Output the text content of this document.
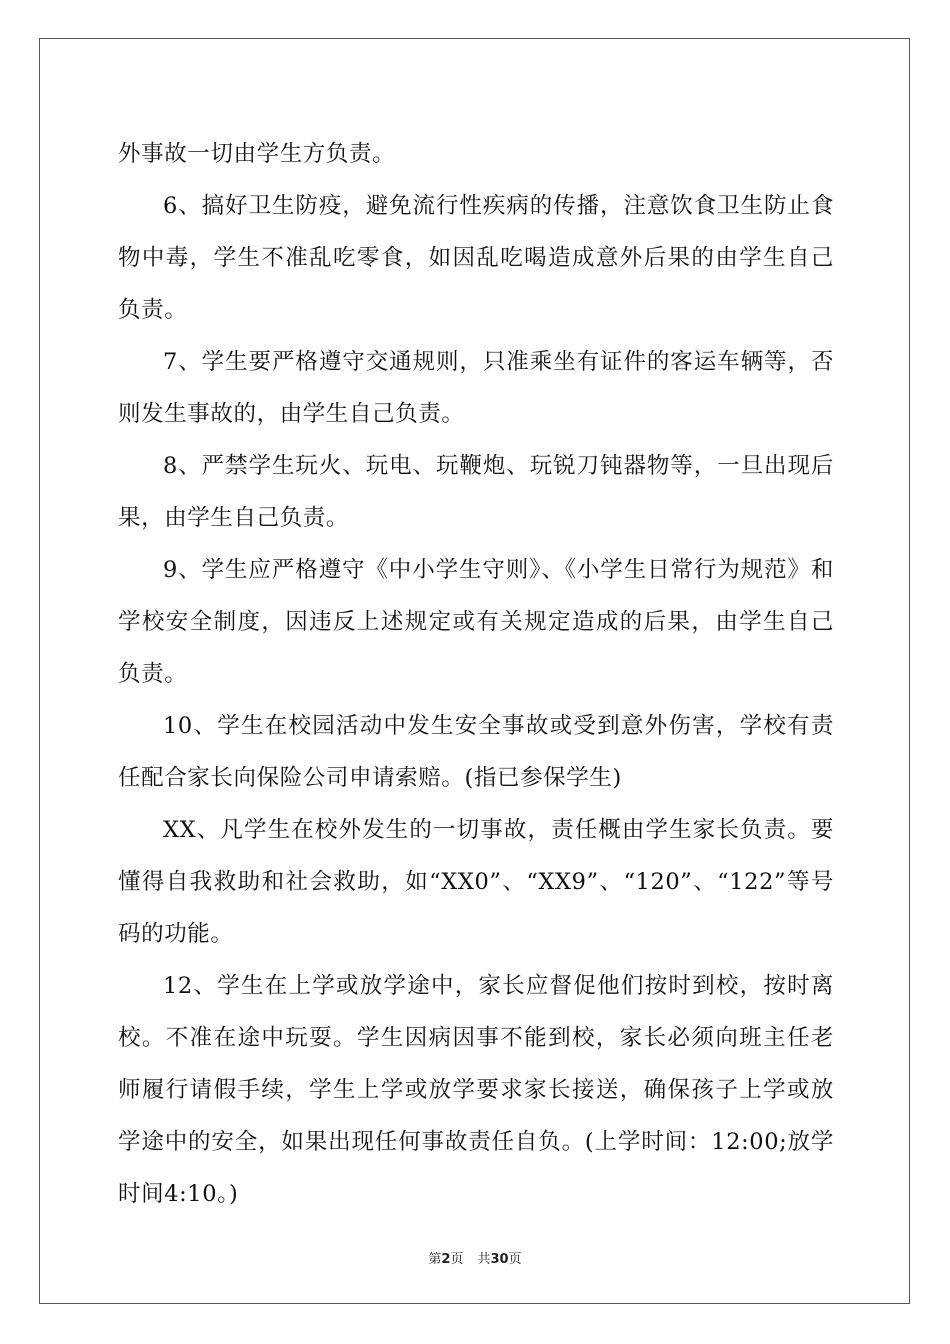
外事故一切由学生方负责。

6、搞好卫生防疫，避免流行性疾病的传播，注意饮食卫生防止食物中毒，学生不准乱吃零食，如因乱吃喝造成意外后果的由学生自己负责。

7、学生要严格遵守交通规则，只准乘坐有证件的客运车辆等，否则发生事故的，由学生自己负责。

8、严禁学生玩火、玩电、玩鞭炮、玩锐刀钝器物等，一旦出现后果，由学生自己负责。

9、学生应严格遵守《中小学生守则》、《小学生日常行为规范》和学校安全制度，因违反上述规定或有关规定造成的后果，由学生自己负责。

10、学生在校园活动中发生安全事故或受到意外伤害，学校有责任配合家长向保险公司申请索赔。(指已参保学生)

XX、凡学生在校外发生的一切事故，责任概由学生家长负责。要懂得自我救助和社会救助，如“XX0”、“XX9”、“120”、“122”等号码的功能。

12、学生在上学或放学途中，家长应督促他们按时到校，按时离校。不准在途中玩耍。学生因病因事不能到校，家长必须向班主任老师履行请假手续，学生上学或放学要求家长接送，确保孩子上学或放学途中的安全，如果出现任何事故责任自负。(上学时间：12:00;放学时间4:10。)

第2页 共30页
